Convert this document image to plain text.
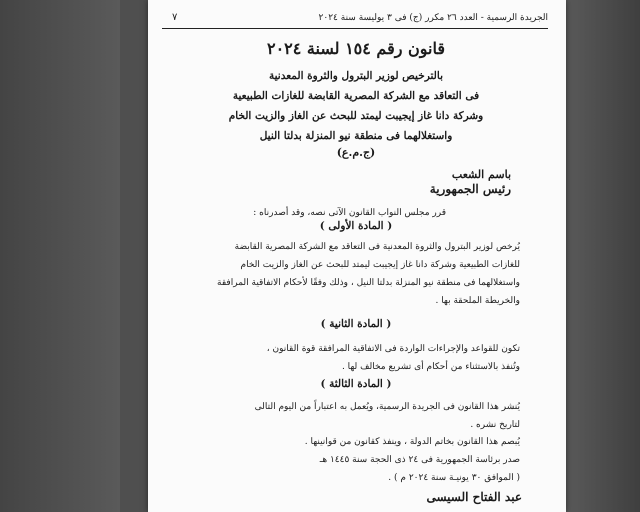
الجريدة الرسمية - العدد ٢٦ مكرر (ج) فى ٣ يوليسة سنة ٢٠٢٤
٧
قانون رقم ١٥٤ لسنة ٢٠٢٤
بالترخيص لوزير البترول والثروة المعدنية
فى التعاقد مع الشركة المصرية القابضة للغازات الطبيعية
وشركة دانا غاز إيجيبت ليمتد للبحث عن الغاز والزيت الخام
واستغلالهما فى منطقة نيو المنزلة بدلتا النيل
(ج.م.ع)
باسم الشعب
رئيس الجمهورية
قرر مجلس النواب القانون الآتى نصه، وقد أصدرناه :
( المادة الأولى )
يُرخص لوزير البترول والثروة المعدنية فى التعاقد مع الشركة المصرية القابضة
للغازات الطبيعية وشركة دانا غاز إيجيبت ليمتد للبحث عن الغاز والزيت الخام
واستغلالهما فى منطقة نيو المنزلة بدلتا النيل ، وذلك وفقًا لأحكام الاتفاقية المرافقة
والخريطة الملحقة بها .
( المادة الثانية )
تكون للقواعد والإجراءات الواردة فى الاتفاقية المرافقة قوة القانون ،
وتُنفذ بالاستثناء من أحكام أى تشريع مخالف لها .
( المادة الثالثة )
يُنشر هذا القانون فى الجريدة الرسمية، ويُعمل به اعتباراً من اليوم التالى
لتاريخ نشره .
يُبصم هذا القانون بخاتم الدولة ، وينفذ كقانون من قوانينها .
صدر برئاسة الجمهورية فى ٢٤ ذى الحجة سنة ١٤٤٥ هـ
( الموافق ٣٠ يونيـة سنة ٢٠٢٤ م ) .
عبد الفتاح السيسى
